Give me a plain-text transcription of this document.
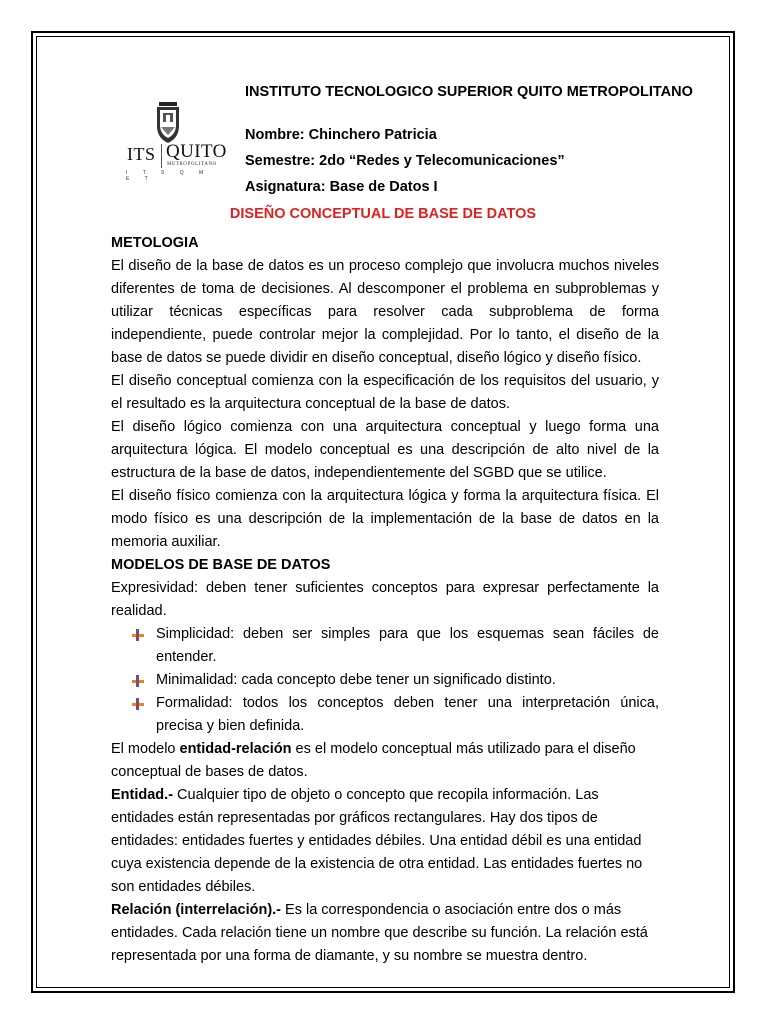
ITS QUITO
METROPOLITANO
I T S Q M E T
INSTITUTO TECNOLOGICO SUPERIOR QUITO METROPOLITANO
Nombre: Chinchero Patricia
Semestre: 2do “Redes y Telecomunicaciones”
Asignatura: Base de Datos I
DISEÑO CONCEPTUAL DE BASE DE DATOS

METOLOGIA

El diseño de la base de datos es un proceso complejo que involucra muchos niveles diferentes de toma de decisiones. Al descomponer el problema en subproblemas y utilizar técnicas específicas para resolver cada subproblema de forma independiente, puede controlar mejor la complejidad. Por lo tanto, el diseño de la base de datos se puede dividir en diseño conceptual, diseño lógico y diseño físico.

El diseño conceptual comienza con la especificación de los requisitos del usuario, y el resultado es la arquitectura conceptual de la base de datos.

El diseño lógico comienza con una arquitectura conceptual y luego forma una arquitectura lógica. El modelo conceptual es una descripción de alto nivel de la estructura de la base de datos, independientemente del SGBD que se utilice.

El diseño físico comienza con la arquitectura lógica y forma la arquitectura física. El modo físico es una descripción de la implementación de la base de datos en la memoria auxiliar.

MODELOS DE BASE DE DATOS

Expresividad: deben tener suficientes conceptos para expresar perfectamente la realidad.

Simplicidad: deben ser simples para que los esquemas sean fáciles de entender.
Minimalidad: cada concepto debe tener un significado distinto.
Formalidad: todos los conceptos deben tener una interpretación única, precisa y bien definida.

El modelo entidad-relación es el modelo conceptual más utilizado para el diseño conceptual de bases de datos.

Entidad.- Cualquier tipo de objeto o concepto que recopila información. Las entidades están representadas por gráficos rectangulares. Hay dos tipos de entidades: entidades fuertes y entidades débiles. Una entidad débil es una entidad cuya existencia depende de la existencia de otra entidad. Las entidades fuertes no son entidades débiles.

Relación (interrelación).- Es la correspondencia o asociación entre dos o más entidades. Cada relación tiene un nombre que describe su función. La relación está representada por una forma de diamante, y su nombre se muestra dentro.
